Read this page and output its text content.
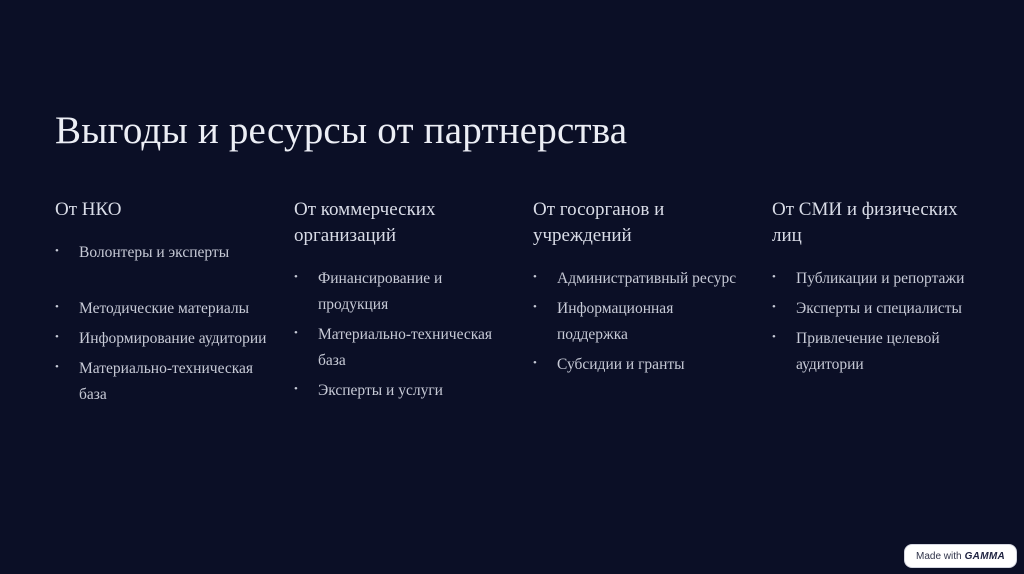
Выгоды и ресурсы от партнерства
От НКО
• Волонтеры и эксперты
• Методические материалы
• Информирование аудитории
• Материально-техническая база
От коммерческих организаций
• Финансирование и продукция
• Материально-техническая база
• Эксперты и услуги
От госорганов и учреждений
• Административный ресурс
• Информационная поддержка
• Субсидии и гранты
От СМИ и физических лиц
• Публикации и репортажи
• Эксперты и специалисты
• Привлечение целевой аудитории
Made with GAMMA
